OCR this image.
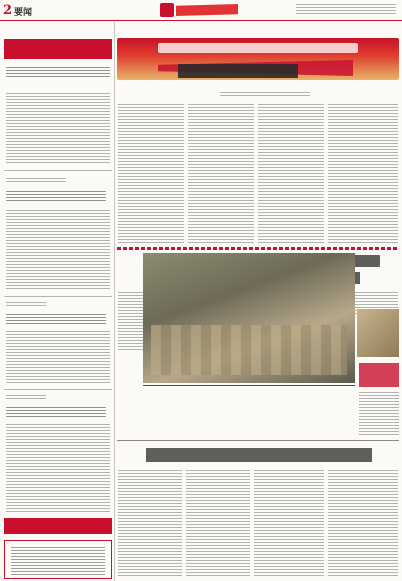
2 要闻
